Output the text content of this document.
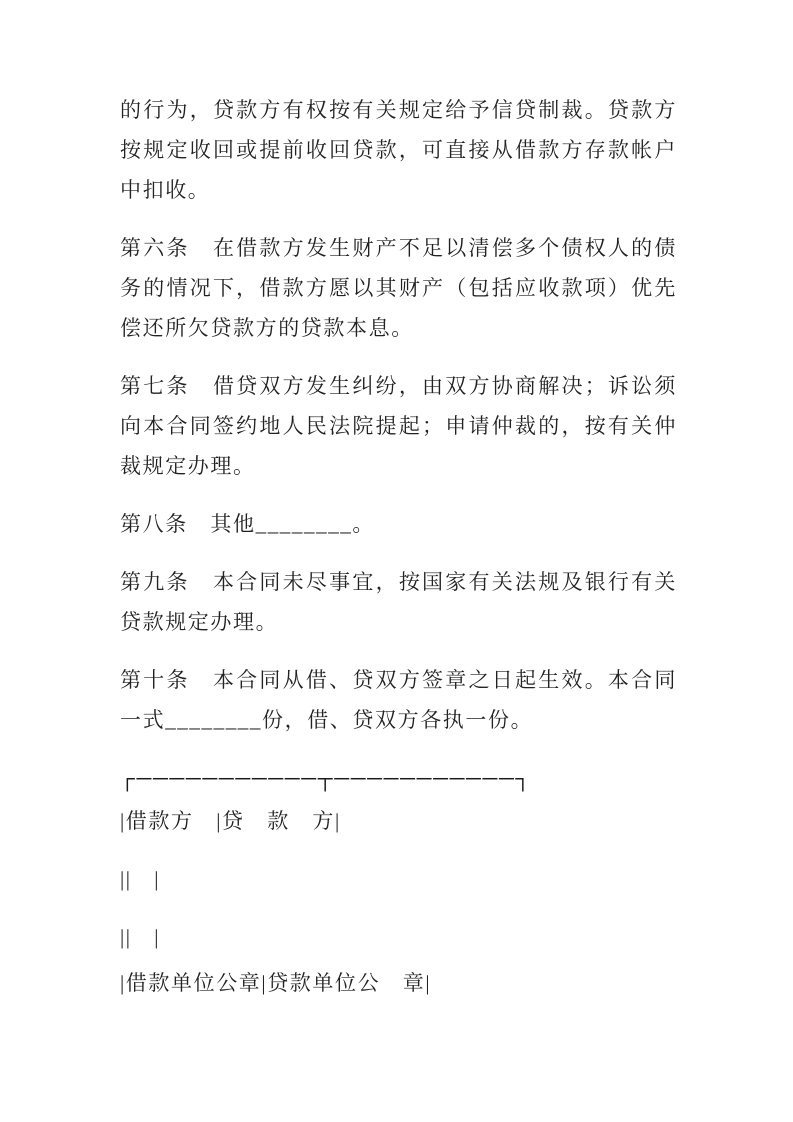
的行为，贷款方有权按有关规定给予信贷制裁。贷款方按规定收回或提前收回贷款，可直接从借款方存款帐户中扣收。

第六条　在借款方发生财产不足以清偿多个债权人的债务的情况下，借款方愿以其财产（包括应收款项）优先偿还所欠贷款方的贷款本息。

第七条　借贷双方发生纠纷，由双方协商解决；诉讼须向本合同签约地人民法院提起；申请仲裁的，按有关仲裁规定办理。

第八条　其他________。

第九条　本合同未尽事宜，按国家有关法规及银行有关贷款规定办理。

第十条　本合同从借、贷双方签章之日起生效。本合同一式________份，借、贷双方各执一份。

┌───────────┬───────────┐

|借款方　|贷　款　方|

||　|

||　|

|借款单位公章|贷款单位公　章|
